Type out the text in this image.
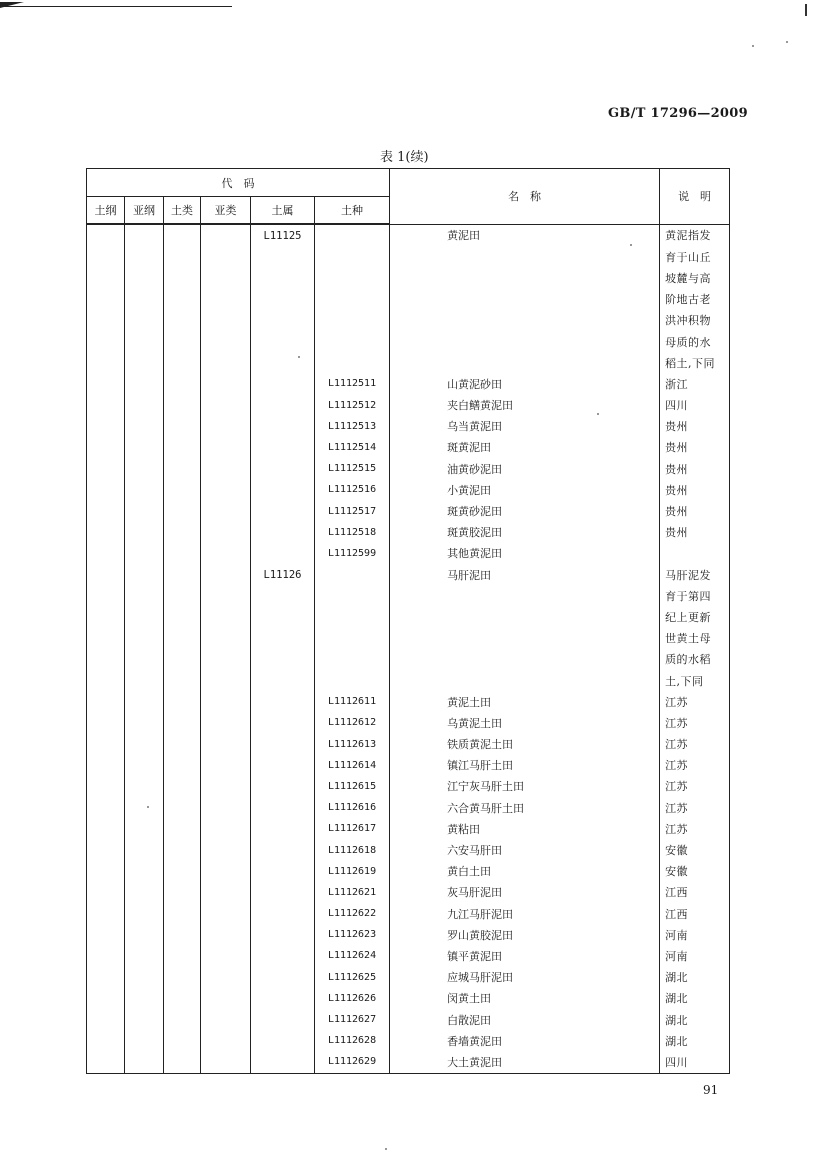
GB/T 17296—2009
表 1(续)
代　码						名　称	说　明
土纲	亚纲	土类	亚类	土属	土种		
				L11125		黄泥田	黄泥指发
							育于山丘
							坡麓与高
							阶地古老
							洪冲积物
							母质的水
							稻土,下同
					L1112511	山黄泥砂田	浙江
					L1112512	夹白鳝黄泥田	四川
					L1112513	乌当黄泥田	贵州
					L1112514	斑黄泥田	贵州
					L1112515	油黄砂泥田	贵州
					L1112516	小黄泥田	贵州
					L1112517	斑黄砂泥田	贵州
					L1112518	斑黄胶泥田	贵州
					L1112599	其他黄泥田	
				L11126		马肝泥田	马肝泥发
							育于第四
							纪上更新
							世黄土母
							质的水稻
							土,下同
					L1112611	黄泥土田	江苏
					L1112612	乌黄泥土田	江苏
					L1112613	铁质黄泥土田	江苏
					L1112614	镇江马肝土田	江苏
					L1112615	江宁灰马肝土田	江苏
					L1112616	六合黄马肝土田	江苏
					L1112617	黄粘田	江苏
					L1112618	六安马肝田	安徽
					L1112619	黄白土田	安徽
					L1112621	灰马肝泥田	江西
					L1112622	九江马肝泥田	江西
					L1112623	罗山黄胶泥田	河南
					L1112624	镇平黄泥田	河南
					L1112625	应城马肝泥田	湖北
					L1112626	闵黄土田	湖北
					L1112627	白散泥田	湖北
					L1112628	香墙黄泥田	湖北
					L1112629	大土黄泥田	四川
91
